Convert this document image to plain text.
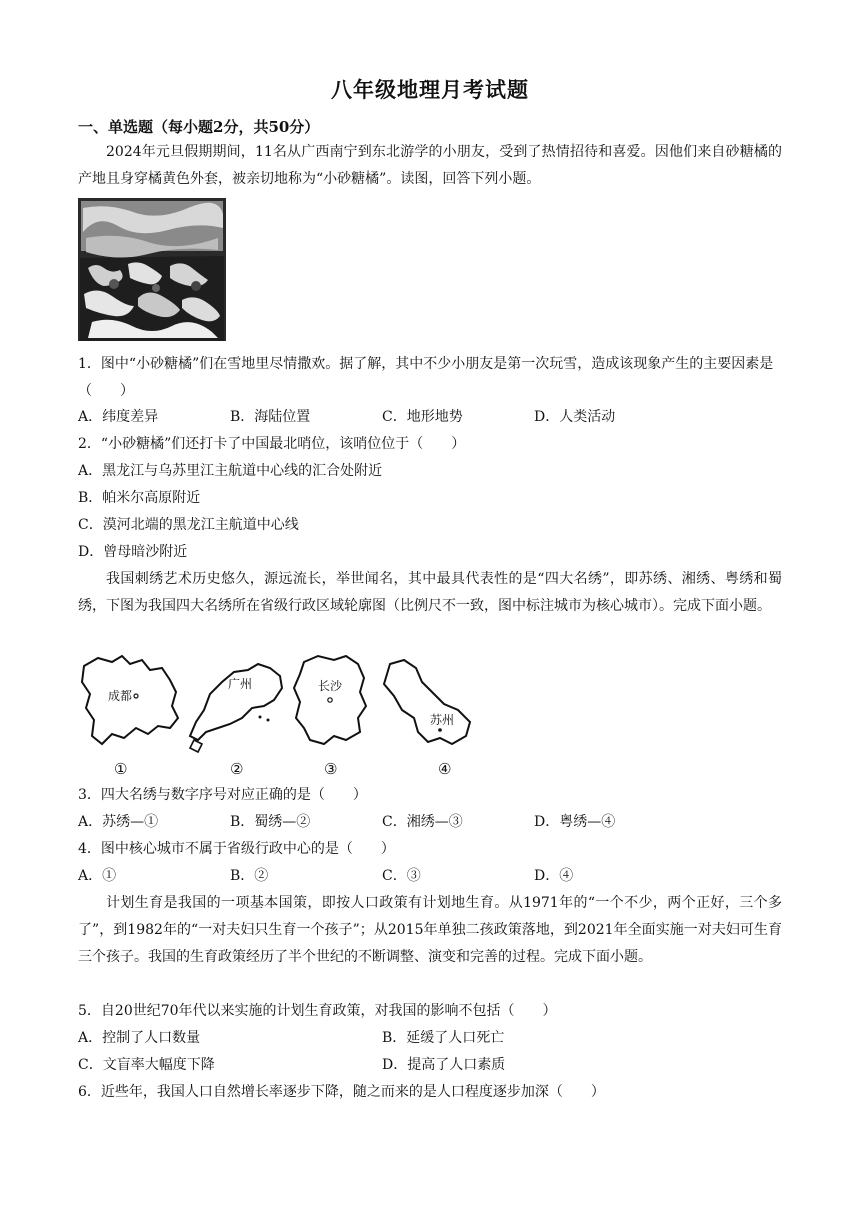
八年级地理月考试题
一、单选题（每小题2分，共50分）
2024年元旦假期期间，11名从广西南宁到东北游学的小朋友，受到了热情招待和喜爱。因他们来自砂糖橘的产地且身穿橘黄色外套，被亲切地称为“小砂糖橘”。读图，回答下列小题。
1．图中“小砂糖橘”们在雪地里尽情撒欢。据了解，其中不少小朋友是第一次玩雪，造成该现象产生的主要因素是（　　）
A．纬度差异	B．海陆位置	C．地形地势	D．人类活动
2．“小砂糖橘”们还打卡了中国最北哨位，该哨位位于（　　）
A．黑龙江与乌苏里江主航道中心线的汇合处附近
B．帕米尔高原附近
C．漠河北端的黑龙江主航道中心线
D．曾母暗沙附近
我国刺绣艺术历史悠久，源远流长，举世闻名，其中最具代表性的是“四大名绣”，即苏绣、湘绣、粤绣和蜀绣，下图为我国四大名绣所在省级行政区域轮廓图（比例尺不一致，图中标注城市为核心城市）。完成下面小题。
成都
①
广州
②
长沙
③
苏州
④
3．四大名绣与数字序号对应正确的是（　　）
A．苏绣—①	B．蜀绣—②	C．湘绣—③	D．粤绣—④
4．图中核心城市不属于省级行政中心的是（　　）
A．①	B．②	C．③	D．④
计划生育是我国的一项基本国策，即按人口政策有计划地生育。从1971年的“一个不少，两个正好，三个多了”，到1982年的“一对夫妇只生育一个孩子”；从2015年单独二孩政策落地，到2021年全面实施一对夫妇可生育三个孩子。我国的生育政策经历了半个世纪的不断调整、演变和完善的过程。完成下面小题。
5．自20世纪70年代以来实施的计划生育政策，对我国的影响不包括（　　）
A．控制了人口数量	B．延缓了人口死亡
C．文盲率大幅度下降	D．提高了人口素质
6．近些年，我国人口自然增长率逐步下降，随之而来的是人口程度逐步加深（　　）
